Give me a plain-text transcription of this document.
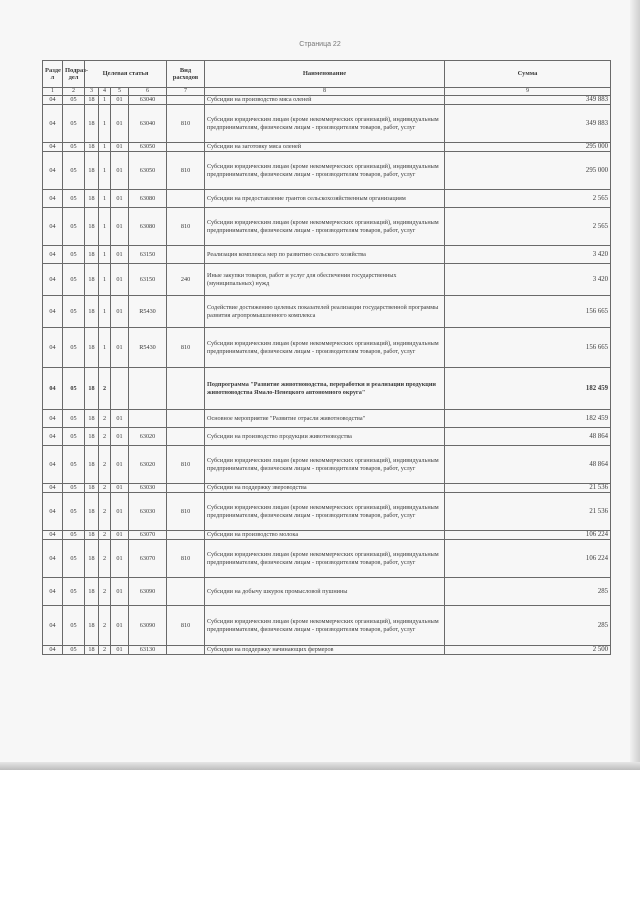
Страница 22
Разде л	Подраз- дел	Целевая статья				Вид расходов	Наименование	Сумма
1	2	3	4	5	6	7	8	9
04	05	18	1	01	63040		Субсидии на производство мяса оленей	349 883
04	05	18	1	01	63040	810	Субсидии юридическим лицам (кроме некоммерческих организаций), индивидуальным предпринимателям, физическим лицам - производителям товаров, работ, услуг	349 883
04	05	18	1	01	63050		Субсидии на заготовку мяса оленей	295 000
04	05	18	1	01	63050	810	Субсидии юридическим лицам (кроме некоммерческих организаций), индивидуальным предпринимателям, физическим лицам - производителям товаров, работ, услуг	295 000
04	05	18	1	01	63080		Субсидии на предоставление грантов сельскохозяйственным организациям	2 565
04	05	18	1	01	63080	810	Субсидии юридическим лицам (кроме некоммерческих организаций), индивидуальным предпринимателям, физическим лицам - производителям товаров, работ, услуг	2 565
04	05	18	1	01	63150		Реализация комплекса мер по развитию сельского хозяйства	3 420
04	05	18	1	01	63150	240	Иные закупки товаров, работ и услуг для обеспечения государственных (муниципальных) нужд	3 420
04	05	18	1	01	R5430		Содействие достижению целевых показателей реализации государственной программы развития агропромышленного комплекса	156 665
04	05	18	1	01	R5430	810	Субсидии юридическим лицам (кроме некоммерческих организаций), индивидуальным предпринимателям, физическим лицам - производителям товаров, работ, услуг	156 665
04	05	18	2				Подпрограмма "Развитие животноводства, переработки и реализации продукции животноводства Ямало-Ненецкого автономного округа"	182 459
04	05	18	2	01			Основное мероприятие "Развитие отрасли животноводства"	182 459
04	05	18	2	01	63020		Субсидии на производство продукции животноводства	48 864
04	05	18	2	01	63020	810	Субсидии юридическим лицам (кроме некоммерческих организаций), индивидуальным предпринимателям, физическим лицам - производителям товаров, работ, услуг	48 864
04	05	18	2	01	63030		Субсидии на поддержку звероводства	21 536
04	05	18	2	01	63030	810	Субсидии юридическим лицам (кроме некоммерческих организаций), индивидуальным предпринимателям, физическим лицам - производителям товаров, работ, услуг	21 536
04	05	18	2	01	63070		Субсидии на производство молока	106 224
04	05	18	2	01	63070	810	Субсидии юридическим лицам (кроме некоммерческих организаций), индивидуальным предпринимателям, физическим лицам - производителям товаров, работ, услуг	106 224
04	05	18	2	01	63090		Субсидии на добычу шкурок промысловой пушнины	285
04	05	18	2	01	63090	810	Субсидии юридическим лицам (кроме некоммерческих организаций), индивидуальным предпринимателям, физическим лицам - производителям товаров, работ, услуг	285
04	05	18	2	01	63130		Субсидии на поддержку начинающих фермеров	2 500
